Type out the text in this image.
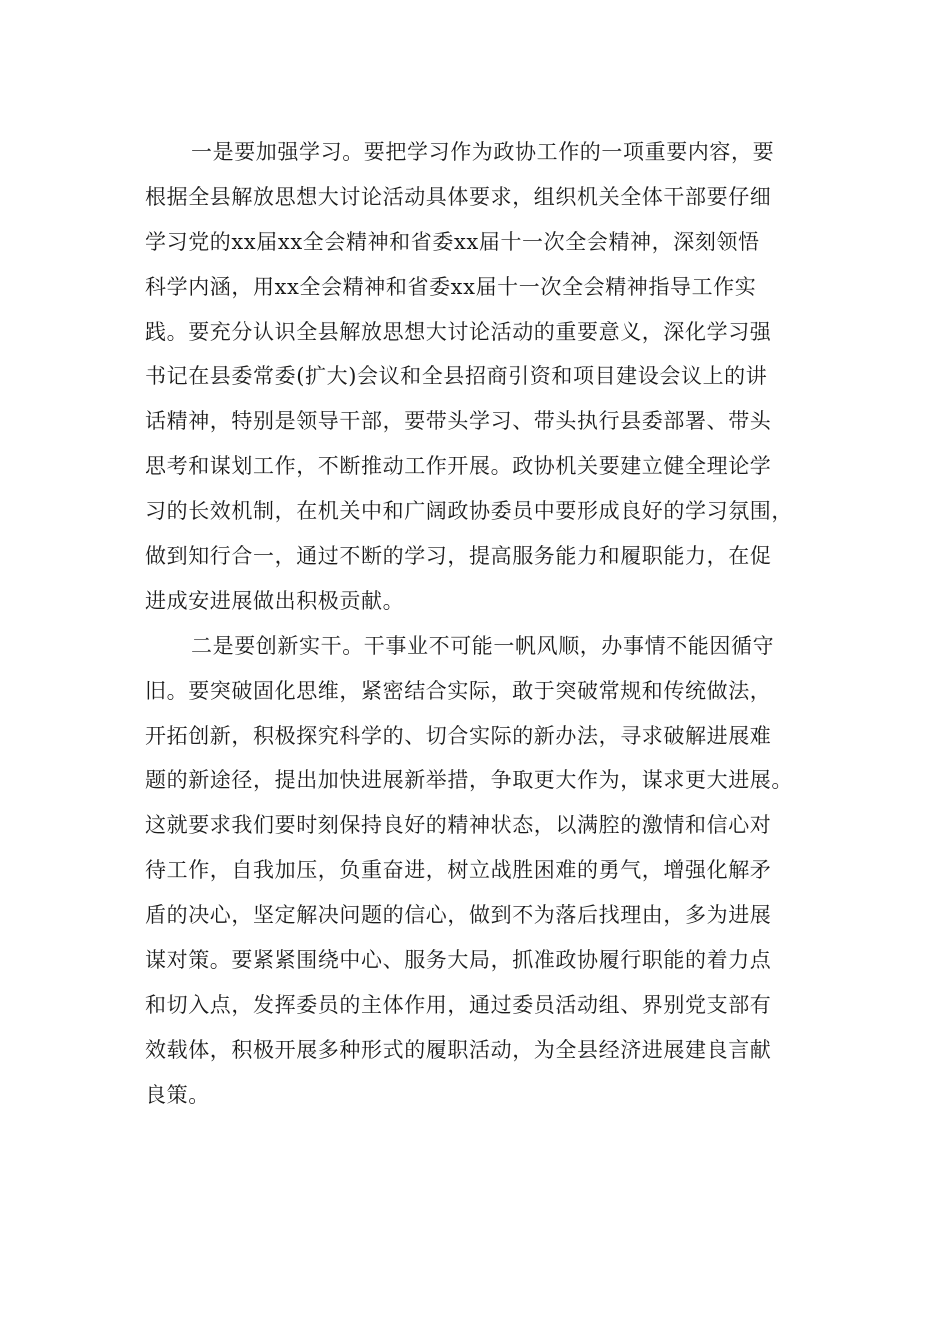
一是要加强学习。要把学习作为政协工作的一项重要内容，要
根据全县解放思想大讨论活动具体要求，组织机关全体干部要仔细
学习党的xx届xx全会精神和省委xx届十一次全会精神，深刻领悟
科学内涵，用xx全会精神和省委xx届十一次全会精神指导工作实
践。要充分认识全县解放思想大讨论活动的重要意义，深化学习强
书记在县委常委(扩大)会议和全县招商引资和项目建设会议上的讲
话精神，特别是领导干部，要带头学习、带头执行县委部署、带头
思考和谋划工作，不断推动工作开展。政协机关要建立健全理论学
习的长效机制，在机关中和广阔政协委员中要形成良好的学习氛围，
做到知行合一，通过不断的学习，提高服务能力和履职能力，在促
进成安进展做出积极贡献。
二是要创新实干。干事业不可能一帆风顺，办事情不能因循守
旧。要突破固化思维，紧密结合实际，敢于突破常规和传统做法，
开拓创新，积极探究科学的、切合实际的新办法，寻求破解进展难
题的新途径，提出加快进展新举措，争取更大作为，谋求更大进展。
这就要求我们要时刻保持良好的精神状态，以满腔的激情和信心对
待工作，自我加压，负重奋进，树立战胜困难的勇气，增强化解矛
盾的决心，坚定解决问题的信心，做到不为落后找理由，多为进展
谋对策。要紧紧围绕中心、服务大局，抓准政协履行职能的着力点
和切入点，发挥委员的主体作用，通过委员活动组、界别党支部有
效载体，积极开展多种形式的履职活动，为全县经济进展建良言献
良策。
